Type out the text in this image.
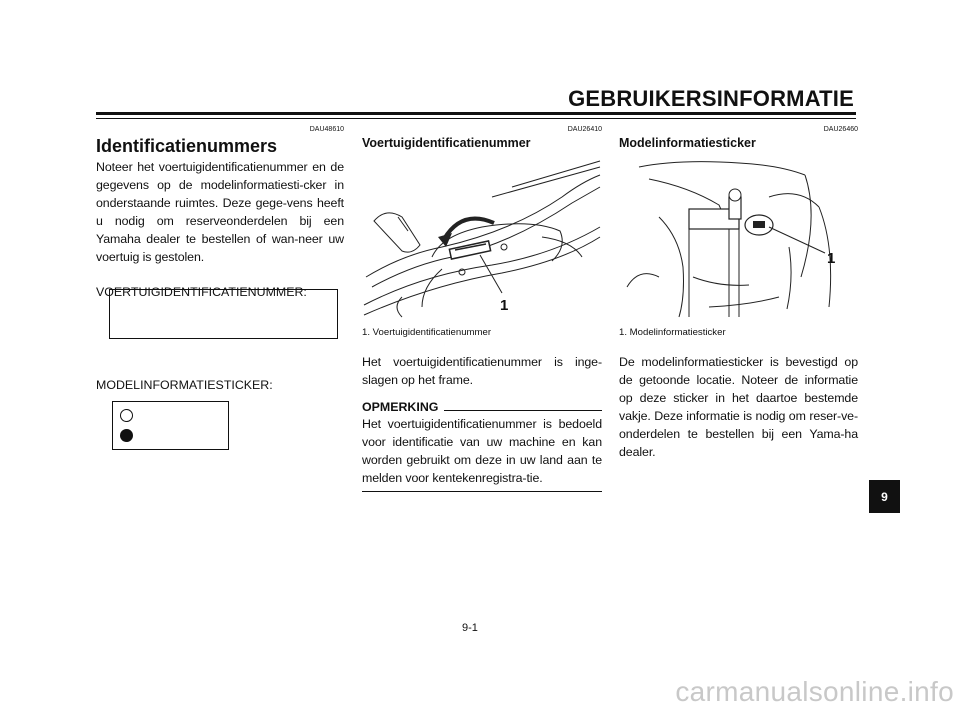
GEBRUIKERSINFORMATIE
DAU48610
Identificatienummers

Noteer het voertuigidentificatienummer en de gegevens op de modelinformatiesti-cker in onderstaande ruimtes. Deze gege-vens heeft u nodig om reserveonderdelen bij een Yamaha dealer te bestellen of wan-neer uw voertuig is gestolen.

VOERTUIGIDENTIFICATIENUMMER:
MODELINFORMATIESTICKER:
DAU26410
Voertuigidentificatienummer
1
1. Voertuigidentificatienummer

Het voertuigidentificatienummer is inge-slagen op het frame.

OPMERKING

Het voertuigidentificatienummer is bedoeld voor identificatie van uw machine en kan worden gebruikt om deze in uw land aan te melden voor kentekenregistra-tie.

DAU26460
Modelinformatiesticker
1
1. Modelinformatiesticker

De modelinformatiesticker is bevestigd op de getoonde locatie. Noteer de informatie op deze sticker in het daartoe bestemde vakje. Deze informatie is nodig om reser-ve-onderdelen te bestellen bij een Yama-ha dealer.

9
9-1
carmanualsonline.info
